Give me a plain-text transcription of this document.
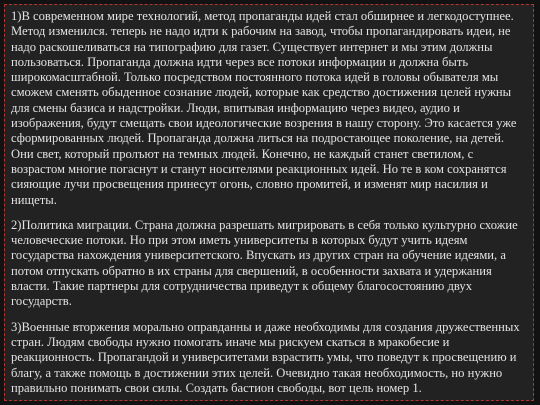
1)В современном мире технологий, метод пропаганды идей стал обширнее и легкодоступнее. Метод изменился. теперь не надо идти к рабочим на завод, чтобы пропагандировать идеи, не надо раскошеливаться на типографию для газет. Существует интернет и мы этим должны пользоваться. Пропаганда должна идти через все потоки информации и должна быть широкомасштабной. Только посредством постоянного потока идей в головы обывателя мы сможем сменять обыденное сознание людей, которые как средство достижения целей нужны для смены базиса и надстройки. Люди, впитывая информацию через видео, аудио и изображения, будут смещать свои идеологические возрения в нашу сторону. Это касается уже сформированных людей. Пропаганда должна литься на подростающее поколение, на детей. Они свет, который пролъют на темных людей. Конечно, не каждый станет светилом, с возрастом многие погаснут и станут носителями реакционных идей. Но те в ком сохранятся сияющие лучи просвещения принесут огонь, словно промитей, и изменят мир насилия и нищеты.

2)Политика миграции. Страна должна разрешать мигрировать в себя только культурно схожие человеческие потоки. Но при этом иметь университеты в которых будут учить идеям государства нахождения университетского. Впускать из других стран на обучение идеями, а потом отпускать обратно в их страны для свершений, в особенности захвата и удержания власти. Такие партнеры для сотрудничества приведут к общему благосостоянию двух государств.

3)Военные вторжения морально оправданны и даже необходимы для создания дружественных стран. Людям свободы нужно помогать иначе мы рискуем скаться в мракобесие и реакционность. Пропагандой и университетами взрастить умы, что поведут к просвещению и благу, а также помощь в достижении этих целей. Очевидно такая необходимость, но нужно правильно понимать свои силы. Создать бастион свободы, вот цель номер 1.
